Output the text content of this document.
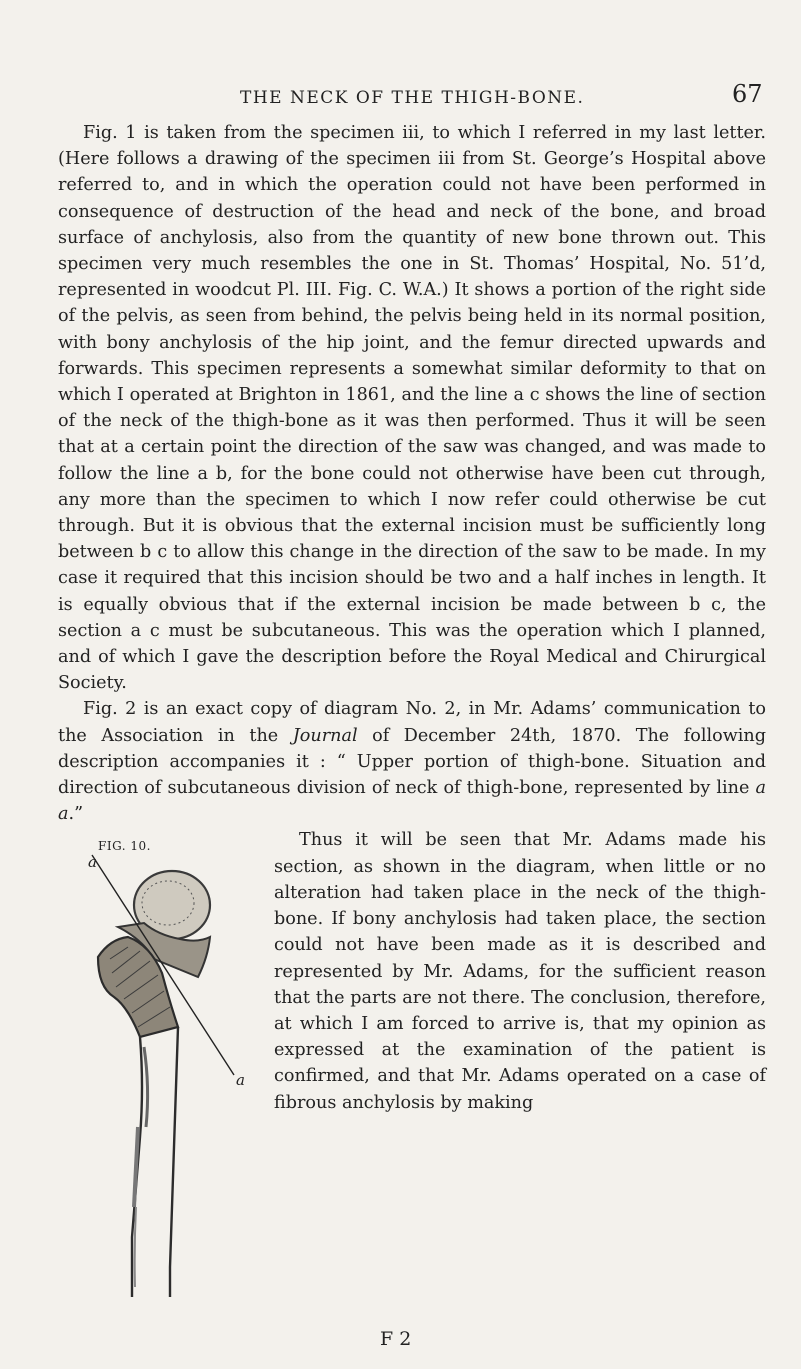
THE NECK OF THE THIGH-BONE.	67

Fig. 1 is taken from the specimen iii, to which I referred in my last letter. (Here follows a drawing of the specimen iii from St. George’s Hospital above referred to, and in which the operation could not have been performed in consequence of destruction of the head and neck of the bone, and broad surface of anchylosis, also from the quantity of new bone thrown out. This specimen very much resembles the one in St. Thomas’ Hospital, No. 51’d, represented in woodcut Pl. III. Fig. C. W.A.) It shows a portion of the right side of the pelvis, as seen from behind, the pelvis being held in its normal position, with bony anchylosis of the hip joint, and the femur directed upwards and forwards. This specimen represents a somewhat similar deformity to that on which I operated at Brighton in 1861, and the line a c shows the line of section of the neck of the thigh-bone as it was then performed. Thus it will be seen that at a certain point the direction of the saw was changed, and was made to follow the line a b, for the bone could not otherwise have been cut through, any more than the specimen to which I now refer could otherwise be cut through. But it is obvious that the external incision must be sufficiently long between b c to allow this change in the direction of the saw to be made. In my case it required that this incision should be two and a half inches in length. It is equally obvious that if the external incision be made between b c, the section a c must be subcutaneous. This was the operation which I planned, and of which I gave the description before the Royal Medical and Chirurgical Society.

Fig. 2 is an exact copy of diagram No. 2, in Mr. Adams’ communication to the Association in the Journal of December 24th, 1870. The following description accompanies it : “ Upper portion of thigh-bone. Situation and direction of subcutaneous division of neck of thigh-bone, represented by line a a.”

FIG. 10.
a
a

Thus it will be seen that Mr. Adams made his section, as shown in the diagram, when little or no alteration had taken place in the neck of the thigh-bone. If bony anchylosis had taken place, the section could not have been made as it is described and represented by Mr. Adams, for the sufficient reason that the parts are not there. The conclusion, therefore, at which I am forced to arrive is, that my opinion as expressed at the examination of the patient is confirmed, and that Mr. Adams operated on a case of fibrous anchylosis by making

F 2
